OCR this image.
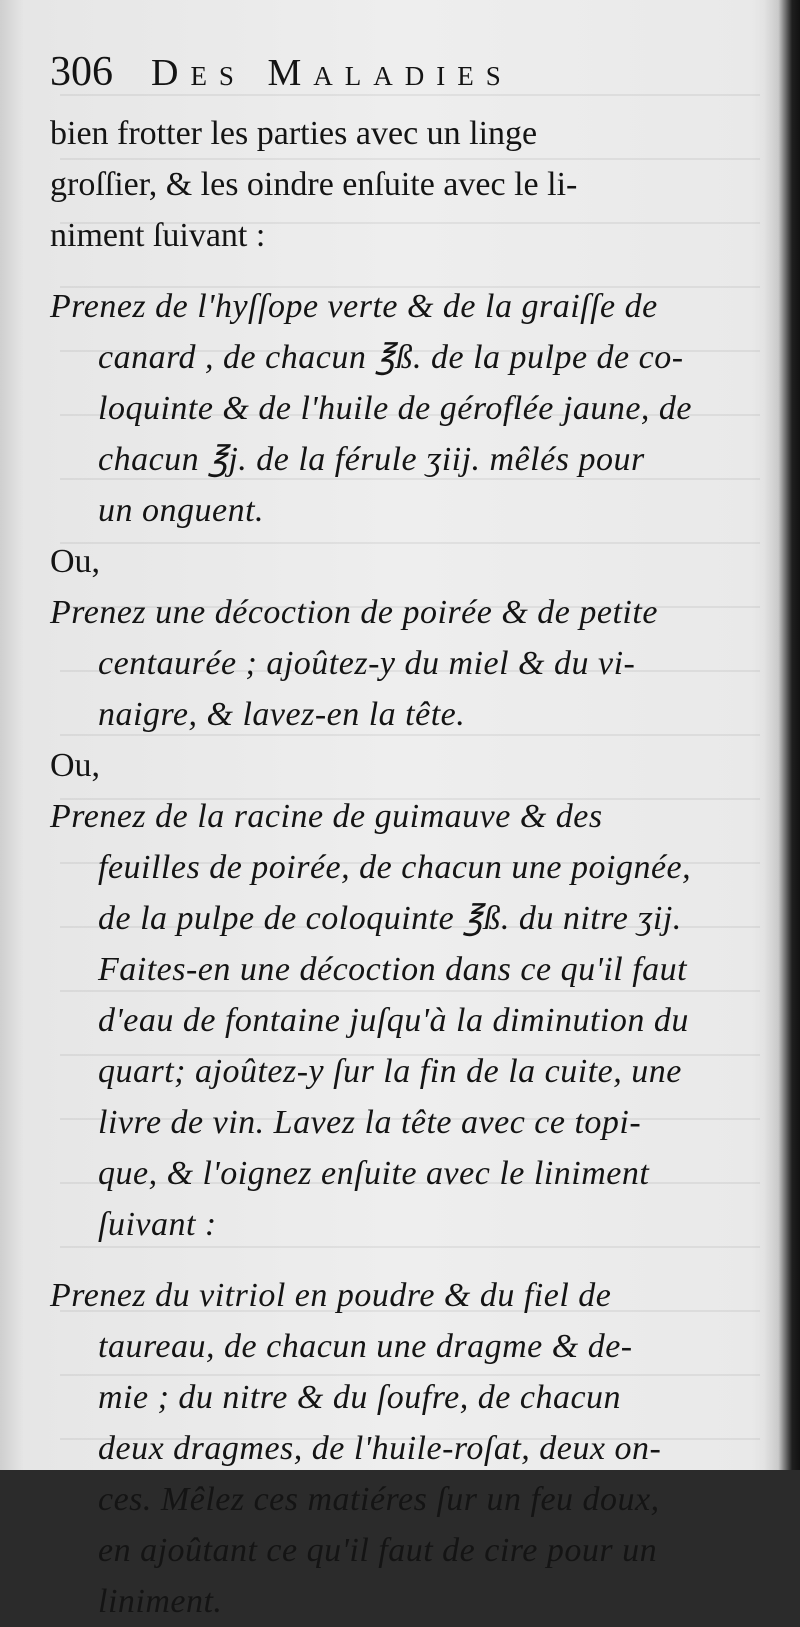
306 Des Maladies
bien frotter les parties avec un linge
groſſier, & les oindre enſuite avec le li-
niment ſuivant :
Prenez de l'hyſſope verte & de la graiſſe de
canard , de chacun ℥ß. de la pulpe de co-
loquinte & de l'huile de géroflée jaune, de
chacun ℥j. de la férule ʒiij. mêlés pour
un onguent.
Ou,
Prenez une décoction de poirée & de petite
centaurée ; ajoûtez-y du miel & du vi-
naigre, & lavez-en la tête.
Ou,
Prenez de la racine de guimauve & des
feuilles de poirée, de chacun une poignée,
de la pulpe de coloquinte ℥ß. du nitre ʒij.
Faites-en une décoction dans ce qu'il faut
d'eau de fontaine juſqu'à la diminution du
quart; ajoûtez-y ſur la fin de la cuite, une
livre de vin. Lavez la tête avec ce topi-
que, & l'oignez enſuite avec le liniment
ſuivant :
Prenez du vitriol en poudre & du fiel de
taureau, de chacun une dragme & de-
mie ; du nitre & du ſoufre, de chacun
deux dragmes, de l'huile-roſat, deux on-
ces. Mêlez ces matiéres ſur un feu doux,
en ajoûtant ce qu'il faut de cire pour un
liniment.
